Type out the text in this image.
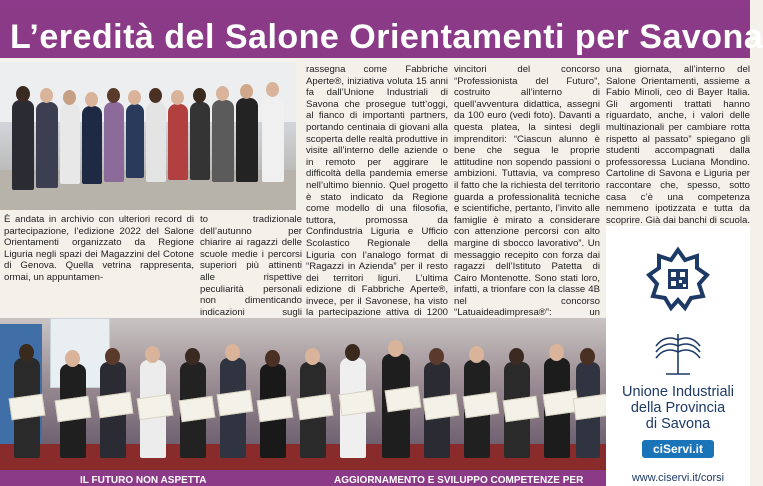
L’eredità del Salone Orientamenti per Savona
È andata in archivio con ulteriori record di partecipazione, l’edizione 2022 del Salone Orientamenti organizzato da Regione Liguria negli spazi dei Magazzini del Cotone di Genova. Quella vetrina rappresenta, ormai, un appuntamen-
to tradizionale dell’autunno per chiarire ai ragazzi delle scuole medie i percorsi superiori più attinenti alle rispettive peculiarità personali non dimenticando indicazioni sugli
rassegna come Fabbriche Aperte®, iniziativa voluta 15 anni fa dall’Unione Industriali di Savona che prosegue tutt’oggi, al fianco di importanti partners, portando centinaia di giovani alla scoperta delle realtà produttive in visite all’interno delle aziende o in remoto per aggirare le difficoltà della pandemia emerse nell’ultimo biennio. Quel progetto è stato indicato da Regione come modello di una filosofia, tuttora, promossa da Confindustria Liguria e Ufficio Scolastico Regionale della Liguria con l’analogo format di “Ragazzi in Azienda” per il resto dei territori liguri. L’ultima edizione di Fabbriche Aperte®, invece, per il Savonese, ha visto la partecipazione attiva di 1200
vincitori del concorso “Professionista del Futuro”, costruito all’interno di quell’avventura didattica, assegni da 100 euro (vedi foto). Davanti a questa platea, la sintesi degli imprenditori: “Ciascun alunno è bene che segua le proprie attitudine non sopendo passioni o ambizioni. Tuttavia, va compreso il fatto che la richiesta del territorio guarda a professionalità tecniche e scientifiche, pertanto, l’invito alle famiglie è mirato a considerare con attenzione percorsi con alto margine di sbocco lavorativo”. Un messaggio recepito con forza dai ragazzi dell’Istituto Patetta di Cairo Montenotte. Sono stati loro, infatti, a trionfare con la classe 4B nel concorso “Latuaideadimpresa®”: un
una giornata, all’interno del Salone Orientamenti, assieme a Fabio Minoli, ceo di Bayer Italia. Gli argomenti trattati hanno riguardato, anche, i valori delle multinazionali per cambiare rotta rispetto al passato” spiegano gli studenti accompagnati dalla professoressa Luciana Mondino. Cartoline di Savona e Liguria per raccontare che, spesso, sotto casa c’è una competenza nemmeno ipotizzata e tutta da scoprire. Già dai banchi di scuola.
Unione Industriali
della Provincia
di Savona
ciServi.it
www.ciservi.it/corsi
IL FUTURO NON ASPETTA	AGGIORNAMENTO E SVILUPPO COMPETENZE PER
